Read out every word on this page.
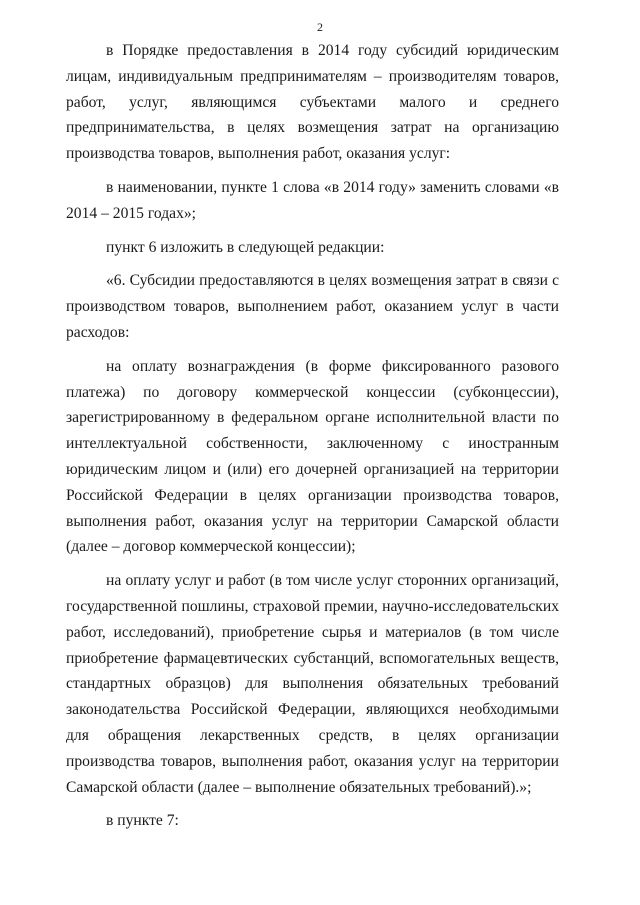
2

в Порядке предоставления в 2014 году субсидий юридическим лицам, индивидуальным предпринимателям – производителям товаров, работ, услуг, являющимся субъектами малого и среднего предпринимательства, в целях возмещения затрат на организацию производства товаров, выполнения работ, оказания услуг:

в наименовании, пункте 1 слова «в 2014 году» заменить словами «в 2014 – 2015 годах»;

пункт 6 изложить в следующей редакции:

«6. Субсидии предоставляются в целях возмещения затрат в связи с производством товаров, выполнением работ, оказанием услуг в части расходов:

на оплату вознаграждения (в форме фиксированного разового платежа) по договору коммерческой концессии (субконцессии), зарегистрированному в федеральном органе исполнительной власти по интеллектуальной собственности, заключенному с иностранным юридическим лицом и (или) его дочерней организацией на территории Российской Федерации в целях организации производства товаров, выполнения работ, оказания услуг на территории Самарской области (далее – договор коммерческой концессии);

на оплату услуг и работ (в том числе услуг сторонних организаций, государственной пошлины, страховой премии, научно-исследовательских работ, исследований), приобретение сырья и материалов (в том числе приобретение фармацевтических субстанций, вспомогательных веществ, стандартных образцов) для выполнения обязательных требований законодательства Российской Федерации, являющихся необходимыми для обращения лекарственных средств, в целях организации производства товаров, выполнения работ, оказания услуг на территории Самарской области (далее – выполнение обязательных требований).»;

в пункте 7:
